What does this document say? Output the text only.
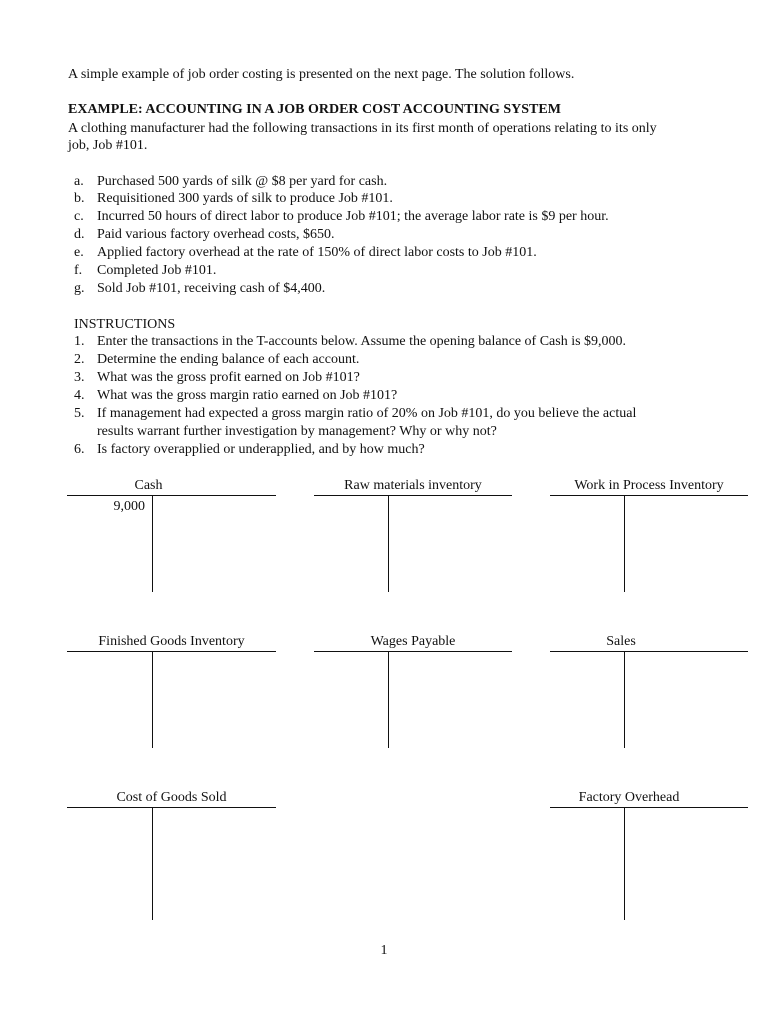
A simple example of job order costing is presented on the next page. The solution follows.
EXAMPLE: ACCOUNTING IN A JOB ORDER COST ACCOUNTING SYSTEM
A clothing manufacturer had the following transactions in its first month of operations relating to its only
job, Job #101.
a. Purchased 500 yards of silk @ $8 per yard for cash.
b. Requisitioned 300 yards of silk to produce Job #101.
c. Incurred 50 hours of direct labor to produce Job #101; the average labor rate is $9 per hour.
d. Paid various factory overhead costs, $650.
e. Applied factory overhead at the rate of 150% of direct labor costs to Job #101.
f. Completed Job #101.
g. Sold Job #101, receiving cash of $4,400.
INSTRUCTIONS
1. Enter the transactions in the T-accounts below. Assume the opening balance of Cash is $9,000.
2. Determine the ending balance of each account.
3. What was the gross profit earned on Job #101?
4. What was the gross margin ratio earned on Job #101?
5. If management had expected a gross margin ratio of 20% on Job #101, do you believe the actual
results warrant further investigation by management? Why or why not?
6. Is factory overapplied or underapplied, and by how much?
Cash
9,000
Raw materials inventory	Work in Process Inventory
Finished Goods Inventory	Wages Payable	Sales
Cost of Goods Sold	Factory Overhead
1
